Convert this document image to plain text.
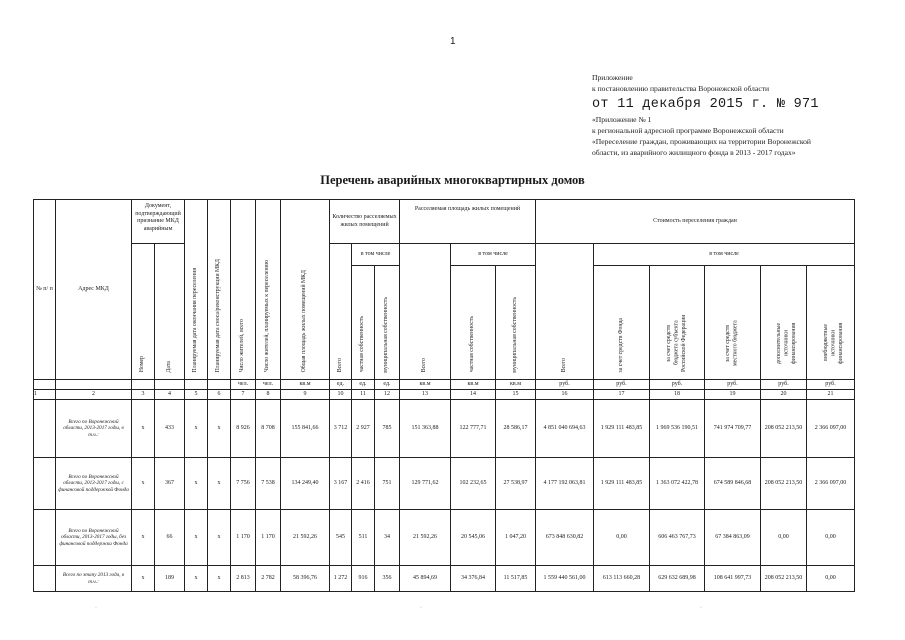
1
Приложение
к постановлению правительства Воронежской области
от 11 декабря 2015 г. № 971
«Приложение № 1
к региональной адресной программе Воронежской области
«Переселение граждан, проживающих на территории Воронежской
области, из аварийного жилищного фонда в 2013 - 2017 годах»
Перечень аварийных многоквартирных домов
№ п/ п	Адрес МКД	Документ, подтверждающий признание МКД аварийным		Планируемая дата окончания переселения	Планируемая дата сноса/реконструкции МКД	Число жителей, всего	Число жителей, планируемых к переселению	Общая площадь жилых помещений МКД	Количество расселяемых жилых помещений			Расселяемая площадь жилых помещений			Стоимость переселения граждан					
		Номер	Дата						Всего	в том числе		Всего	в том числе		Всего	в том числе				
										частная собственность	муниципальная собственность		частная собственность	муниципальная собственность		за счет средств Фонда	за счет средств бюджета субъекта Российской Федерации	за счет средств местного бюджета	дополнительные источники финансирования	внебюджетные источники финансирования

						чел.	чел.	кв.м	ед.	ед.	ед.	кв.м	кв.м	кв.м	руб.	руб.	руб.	руб.	руб.	руб.
1	2	3	4	5	6	7	8	9	10	11	12	13	14	15	16	17	18	19	20	21
	Всего по Воронежской области, 2013-2017 годы, в т.ч.:	х	433	х	х	8 926	8 708	155 841,66	3 712	2 927	785	151 363,88	122 777,71	28 586,17	4 851 040 694,63	1 929 111 483,85	1 969 536 190,51	741 974 709,77	208 052 213,50	2 366 097,00
	Всего по Воронежской области, 2013-2017 годы, с финансовой поддержкой Фонда	х	367	х	х	7 756	7 538	134 249,40	3 167	2 416	751	129 771,62	102 232,65	27 538,97	4 177 192 063,81	1 929 111 483,85	1 363 072 422,78	674 589 846,68	208 052 213,50	2 366 097,00
	Всего по Воронежской области, 2013-2017 годы, без финансовой поддержки Фонда	х	66	х	х	1 170	1 170	21 592,26	545	511	34	21 592,26	20 545,06	1 047,20	673 848 630,82	0,00	606 463 767,73	67 384 863,09	0,00	0,00
	Всего по этапу 2013 года, в т.ч.:	х	189	х	х	2 813	2 782	58 396,76	1 272	916	356	45 894,69	34 376,84	11 517,85	1 559 440 561,00	613 113 660,28	629 632 689,98	108 641 997,73	208 052 213,50	0,00
·	·	·
